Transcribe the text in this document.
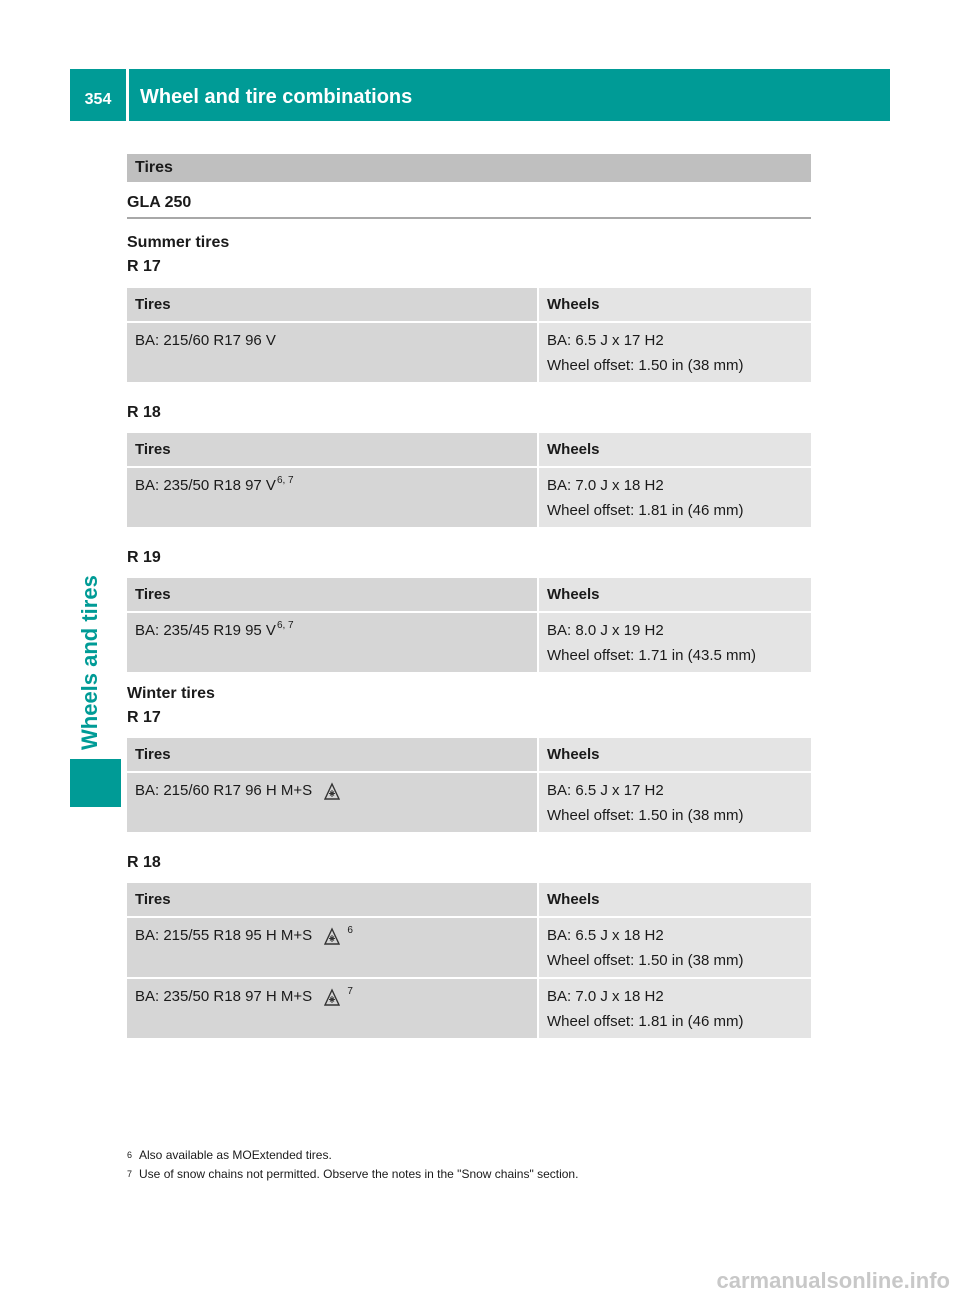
354	Wheel and tire combinations
Wheels and tires
Tires
GLA 250
Summer tires
R 17
Tires	Wheels
BA: 215/60 R17 96 V	BA: 6.5 J x 17 H2
Wheel offset: 1.50 in (38 mm)
R 18
Tires	Wheels
BA: 235/50 R18 97 V$^{6, 7}$	BA: 7.0 J x 18 H2
Wheel offset: 1.81 in (46 mm)
R 19
Tires	Wheels
BA: 235/45 R19 95 V$^{6, 7}$	BA: 8.0 J x 19 H2
Wheel offset: 1.71 in (43.5 mm)
Winter tires
R 17
Tires	Wheels
BA: 215/60 R17 96 H M+S	BA: 6.5 J x 17 H2
Wheel offset: 1.50 in (38 mm)
R 18
Tires	Wheels
BA: 215/55 R18 95 H M+S $^6$	BA: 6.5 J x 18 H2
Wheel offset: 1.50 in (38 mm)

BA: 235/50 R18 97 H M+S $^7$	BA: 7.0 J x 18 H2
Wheel offset: 1.81 in (46 mm)
$^6$ Also available as MOExtended tires.
$^7$ Use of snow chains not permitted. Observe the notes in the "Snow chains" section.
carmanualsonline.info
